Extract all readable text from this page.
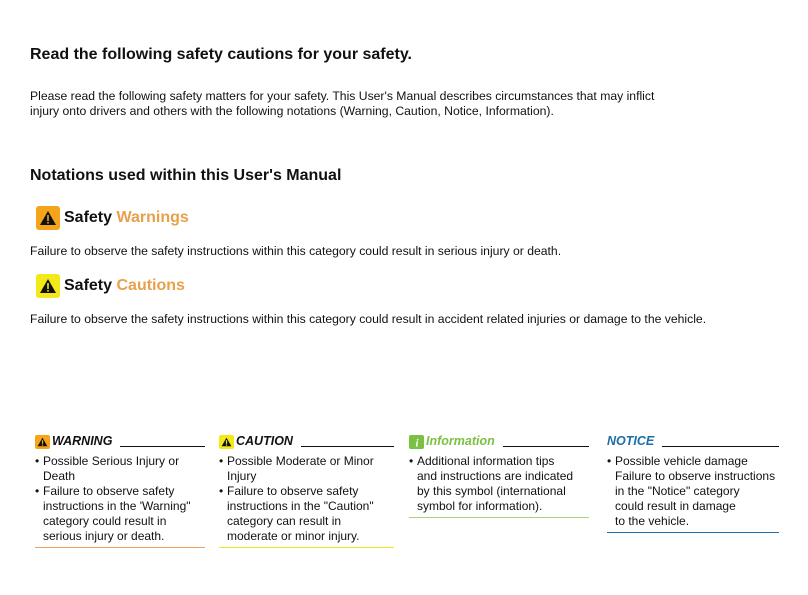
Read the following safety cautions for your safety.
Please read the following safety matters for your safety. This User's Manual describes circumstances that may inflict injury onto drivers and others with the following notations (Warning, Caution, Notice, Information).
Notations used within this User's Manual
Safety Warnings
Failure to observe the safety instructions within this category could result in serious injury or death.
Safety Cautions
Failure to observe the safety instructions within this category could result in accident related injuries or damage to the vehicle.
WARNING
• Possible Serious Injury or
Death
• Failure to observe safety
instructions in the 'Warning"
category could result in
serious injury or death.
CAUTION
• Possible Moderate or Minor
Injury
• Failure to observe safety
instructions in the "Caution"
category can result in
moderate or minor injury.
i Information
• Additional information tips
and instructions are indicated
by this symbol (international
symbol for information).
NOTICE
• Possible vehicle damage
Failure to observe instructions
in the "Notice" category
could result in damage
to the vehicle.
